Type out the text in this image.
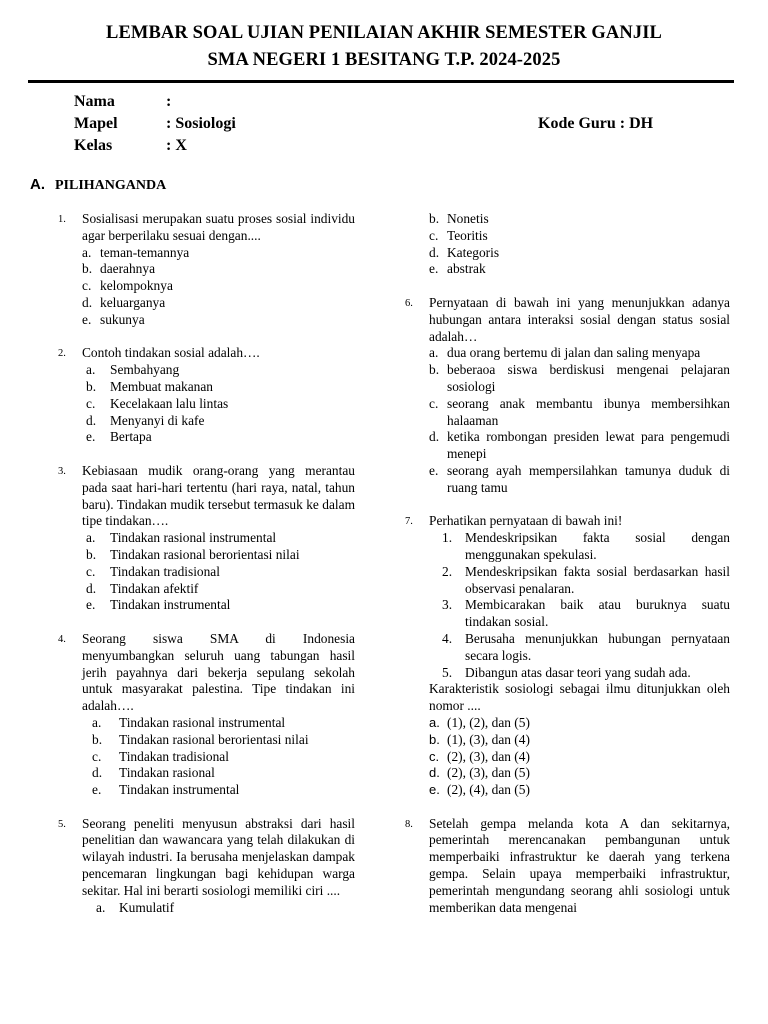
LEMBAR SOAL UJIAN PENILAIAN AKHIR SEMESTER GANJIL
SMA NEGERI 1 BESITANG T.P. 2024-2025
Nama	:
Mapel	: Sosiologi	Kode Guru : DH
Kelas	: X
A. PILIHANGANDA
1. Sosialisasi merupakan suatu proses sosial individu agar berperilaku sesuai dengan....
a. teman-temannya
b. daerahnya
c. kelompoknya
d. keluarganya
e. sukunya
2. Contoh tindakan sosial adalah….
a. Sembahyang
b. Membuat makanan
c. Kecelakaan lalu lintas
d. Menyanyi di kafe
e. Bertapa
3. Kebiasaan mudik orang-orang yang merantau pada saat hari-hari tertentu (hari raya, natal, tahun baru). Tindakan mudik tersebut termasuk ke dalam tipe tindakan….
a. Tindakan rasional instrumental
b. Tindakan rasional berorientasi nilai
c. Tindakan tradisional
d. Tindakan afektif
e. Tindakan instrumental
4. Seorang siswa SMA di Indonesia menyumbangkan seluruh uang tabungan hasil jerih payahnya dari bekerja sepulang sekolah untuk masyarakat palestina. Tipe tindakan ini adalah….
a. Tindakan rasional instrumental
b. Tindakan rasional berorientasi nilai
c. Tindakan tradisional
d. Tindakan rasional
e. Tindakan instrumental
5. Seorang peneliti menyusun abstraksi dari hasil penelitian dan wawancara yang telah dilakukan di wilayah industri. Ia berusaha menjelaskan dampak pencemaran lingkungan bagi kehidupan warga sekitar. Hal ini berarti sosiologi memiliki ciri ....
a. Kumulatif
b. Nonetis
c. Teoritis
d. Kategoris
e. abstrak
6. Pernyataan di bawah ini yang menunjukkan adanya hubungan antara interaksi sosial dengan status sosial adalah…
a. dua orang bertemu di jalan dan saling menyapa
b. beberaoa siswa berdiskusi mengenai pelajaran sosiologi
c. seorang anak membantu ibunya membersihkan halaaman
d. ketika rombongan presiden lewat para pengemudi menepi
e. seorang ayah mempersilahkan tamunya duduk di ruang tamu
7. Perhatikan pernyataan di bawah ini!
1. Mendeskripsikan fakta sosial dengan menggunakan spekulasi.
2. Mendeskripsikan fakta sosial berdasarkan hasil observasi penalaran.
3. Membicarakan baik atau buruknya suatu tindakan sosial.
4. Berusaha menunjukkan hubungan pernyataan secara logis.
5. Dibangun atas dasar teori yang sudah ada.
Karakteristik sosiologi sebagai ilmu ditunjukkan oleh nomor ....
a. (1), (2), dan (5)
b. (1), (3), dan (4)
c. (2), (3), dan (4)
d. (2), (3), dan (5)
e. (2), (4), dan (5)
8. Setelah gempa melanda kota A dan sekitarnya, pemerintah merencanakan pembangunan untuk memperbaiki infrastruktur ke daerah yang terkena gempa. Selain upaya memperbaiki infrastruktur, pemerintah mengundang seorang ahli sosiologi untuk memberikan data mengenai
